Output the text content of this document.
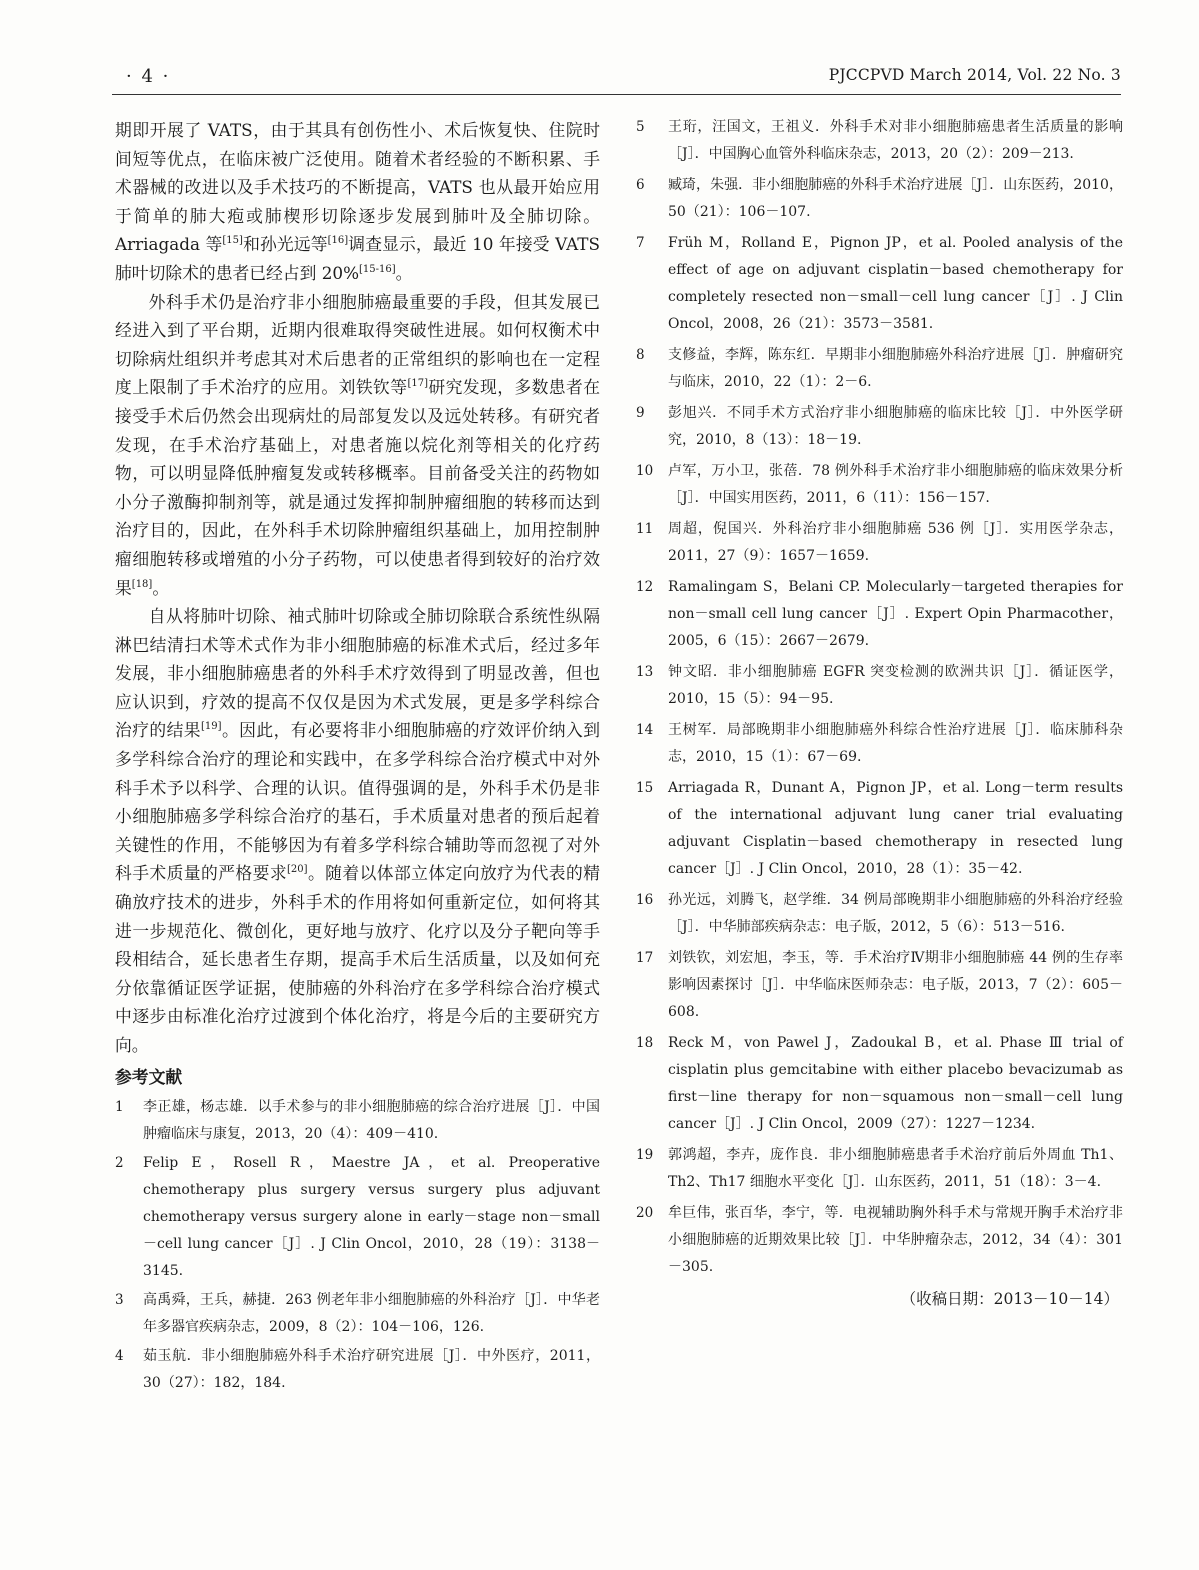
· 4 ·	PJCCPVD March 2014, Vol. 22 No. 3

期即开展了 VATS，由于其具有创伤性小、术后恢复快、住院时间短等优点，在临床被广泛使用。随着术者经验的不断积累、手术器械的改进以及手术技巧的不断提高，VATS 也从最开始应用于简单的肺大疱或肺楔形切除逐步发展到肺叶及全肺切除。Arriagada 等[15]和孙光远等[16]调查显示，最近 10 年接受 VATS 肺叶切除术的患者已经占到 20%[15-16]。

外科手术仍是治疗非小细胞肺癌最重要的手段，但其发展已经进入到了平台期，近期内很难取得突破性进展。如何权衡术中切除病灶组织并考虑其对术后患者的正常组织的影响也在一定程度上限制了手术治疗的应用。刘铁钦等[17]研究发现，多数患者在接受手术后仍然会出现病灶的局部复发以及远处转移。有研究者发现，在手术治疗基础上，对患者施以烷化剂等相关的化疗药物，可以明显降低肿瘤复发或转移概率。目前备受关注的药物如小分子激酶抑制剂等，就是通过发挥抑制肿瘤细胞的转移而达到治疗目的，因此，在外科手术切除肿瘤组织基础上，加用控制肿瘤细胞转移或增殖的小分子药物，可以使患者得到较好的治疗效果[18]。

自从将肺叶切除、袖式肺叶切除或全肺切除联合系统性纵隔淋巴结清扫术等术式作为非小细胞肺癌的标准术式后，经过多年发展，非小细胞肺癌患者的外科手术疗效得到了明显改善，但也应认识到，疗效的提高不仅仅是因为术式发展，更是多学科综合治疗的结果[19]。因此，有必要将非小细胞肺癌的疗效评价纳入到多学科综合治疗的理论和实践中，在多学科综合治疗模式中对外科手术予以科学、合理的认识。值得强调的是，外科手术仍是非小细胞肺癌多学科综合治疗的基石，手术质量对患者的预后起着关键性的作用，不能够因为有着多学科综合辅助等而忽视了对外科手术质量的严格要求[20]。随着以体部立体定向放疗为代表的精确放疗技术的进步，外科手术的作用将如何重新定位，如何将其进一步规范化、微创化，更好地与放疗、化疗以及分子靶向等手段相结合，延长患者生存期，提高手术后生活质量，以及如何充分依靠循证医学证据，使肺癌的外科治疗在多学科综合治疗模式中逐步由标准化治疗过渡到个体化治疗，将是今后的主要研究方向。

参考文献
1	李正雄，杨志雄．以手术参与的非小细胞肺癌的综合治疗进展［J］．中国肿瘤临床与康复，2013，20（4）：409－410.
2	Felip E，Rosell R，Maestre JA，et al. Preoperative chemotherapy plus surgery versus surgery plus adjuvant chemotherapy versus surgery alone in early－stage non－small－cell lung cancer［J］. J Clin Oncol，2010，28（19）：3138－3145.
3	高禹舜，王兵，赫捷．263 例老年非小细胞肺癌的外科治疗［J］．中华老年多器官疾病杂志，2009，8（2）：104－106，126.
4	茹玉航．非小细胞肺癌外科手术治疗研究进展［J］．中外医疗，2011，30（27）：182，184.
5	王珩，汪国文，王祖义．外科手术对非小细胞肺癌患者生活质量的影响［J］．中国胸心血管外科临床杂志，2013，20（2）：209－213.
6	臧琦，朱强．非小细胞肺癌的外科手术治疗进展［J］．山东医药，2010，50（21）：106－107.
7	Früh M，Rolland E，Pignon JP，et al. Pooled analysis of the effect of age on adjuvant cisplatin－based chemotherapy for completely resected non－small－cell lung cancer［J］. J Clin Oncol，2008，26（21）：3573－3581.
8	支修益，李辉，陈东红．早期非小细胞肺癌外科治疗进展［J］．肿瘤研究与临床，2010，22（1）：2－6.
9	彭旭兴．不同手术方式治疗非小细胞肺癌的临床比较［J］．中外医学研究，2010，8（13）：18－19.
10	卢军，万小卫，张蓓．78 例外科手术治疗非小细胞肺癌的临床效果分析［J］．中国实用医药，2011，6（11）：156－157.
11	周超，倪国兴．外科治疗非小细胞肺癌 536 例［J］．实用医学杂志，2011，27（9）：1657－1659.
12	Ramalingam S，Belani CP. Molecularly－targeted therapies for non－small cell lung cancer［J］. Expert Opin Pharmacother，2005，6（15）：2667－2679.
13	钟文昭．非小细胞肺癌 EGFR 突变检测的欧洲共识［J］．循证医学，2010，15（5）：94－95.
14	王树军．局部晚期非小细胞肺癌外科综合性治疗进展［J］．临床肺科杂志，2010，15（1）：67－69.
15	Arriagada R，Dunant A，Pignon JP，et al. Long－term results of the international adjuvant lung caner trial evaluating adjuvant Cisplatin－based chemotherapy in resected lung cancer［J］. J Clin Oncol，2010，28（1）：35－42.
16	孙光远，刘腾飞，赵学维．34 例局部晚期非小细胞肺癌的外科治疗经验［J］．中华肺部疾病杂志：电子版，2012，5（6）：513－516.
17	刘铁钦，刘宏旭，李玉，等．手术治疗Ⅳ期非小细胞肺癌 44 例的生存率影响因素探讨［J］．中华临床医师杂志：电子版，2013，7（2）：605－608.
18	Reck M，von Pawel J，Zadoukal B，et al. Phase Ⅲ trial of cisplatin plus gemcitabine with either placebo bevacizumab as first－line therapy for non－squamous non－small－cell lung cancer［J］. J Clin Oncol，2009（27）：1227－1234.
19	郭鸿超，李卉，庞作良．非小细胞肺癌患者手术治疗前后外周血 Th1、Th2、Th17 细胞水平变化［J］．山东医药，2011，51（18）：3－4.
20	牟巨伟，张百华，李宁，等．电视辅助胸外科手术与常规开胸手术治疗非小细胞肺癌的近期效果比较［J］．中华肿瘤杂志，2012，34（4）：301－305.
（收稿日期：2013－10－14）
